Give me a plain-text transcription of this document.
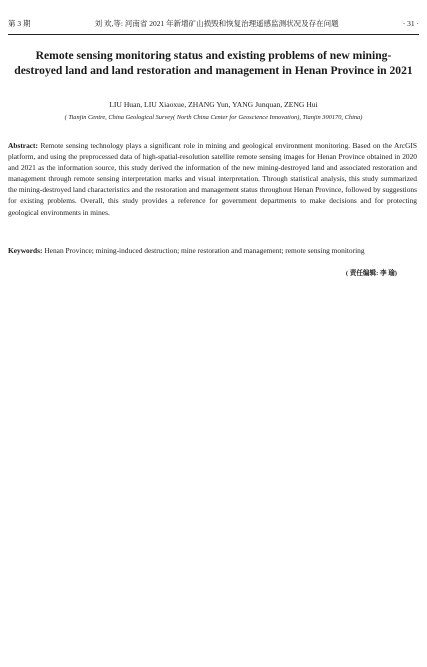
第 3 期	刘 欢,等: 河南省 2021 年新增矿山损毁和恢复治理遥感监测状况及存在问题	· 31 ·
Remote sensing monitoring status and existing problems of new mining-destroyed land and land restoration and management in Henan Province in 2021
LIU Huan, LIU Xiaoxue, ZHANG Yun, YANG Junquan, ZENG Hui
( Tianjin Centre, China Geological Survey( North China Center for Geoscience Innovation), Tianjin 300170, China)
Abstract: Remote sensing technology plays a significant role in mining and geological environment monitoring. Based on the ArcGIS platform, and using the preprocessed data of high-spatial-resolution satellite remote sensing images for Henan Province obtained in 2020 and 2021 as the information source, this study derived the information of the new mining-destroyed land and associated restoration and management through remote sensing interpretation marks and visual interpretation. Through statistical analysis, this study summarized the mining-destroyed land characteristics and the restoration and management status throughout Henan Province, followed by suggestions for existing problems. Overall, this study provides a reference for government departments to make decisions and for protecting geological environments in mines.
Keywords: Henan Province; mining-induced destruction; mine restoration and management; remote sensing monitoring
( 责任编辑: 李 瑜)
